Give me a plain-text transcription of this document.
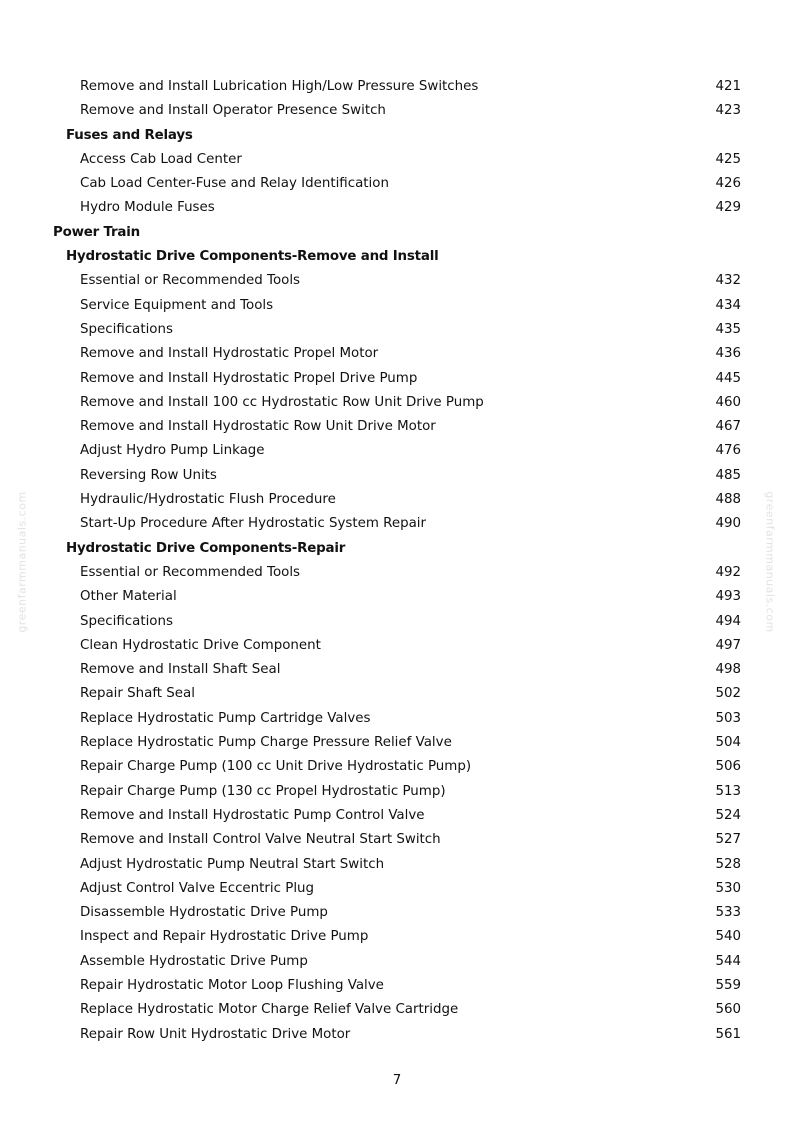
greenfarmmanuals.com	greenfarmmanuals.com
Remove and Install Lubrication High/Low Pressure Switches	421
Remove and Install Operator Presence Switch	423
Fuses and Relays
Access Cab Load Center	425
Cab Load Center-Fuse and Relay Identification	426
Hydro Module Fuses	429
Power Train
Hydrostatic Drive Components-Remove and Install
Essential or Recommended Tools	432
Service Equipment and Tools	434
Specifications	435
Remove and Install Hydrostatic Propel Motor	436
Remove and Install Hydrostatic Propel Drive Pump	445
Remove and Install 100 cc Hydrostatic Row Unit Drive Pump	460
Remove and Install Hydrostatic Row Unit Drive Motor	467
Adjust Hydro Pump Linkage	476
Reversing Row Units	485
Hydraulic/Hydrostatic Flush Procedure	488
Start-Up Procedure After Hydrostatic System Repair	490
Hydrostatic Drive Components-Repair
Essential or Recommended Tools	492
Other Material	493
Specifications	494
Clean Hydrostatic Drive Component	497
Remove and Install Shaft Seal	498
Repair Shaft Seal	502
Replace Hydrostatic Pump Cartridge Valves	503
Replace Hydrostatic Pump Charge Pressure Relief Valve	504
Repair Charge Pump (100 cc Unit Drive Hydrostatic Pump)	506
Repair Charge Pump (130 cc Propel Hydrostatic Pump)	513
Remove and Install Hydrostatic Pump Control Valve	524
Remove and Install Control Valve Neutral Start Switch	527
Adjust Hydrostatic Pump Neutral Start Switch	528
Adjust Control Valve Eccentric Plug	530
Disassemble Hydrostatic Drive Pump	533
Inspect and Repair Hydrostatic Drive Pump	540
Assemble Hydrostatic Drive Pump	544
Repair Hydrostatic Motor Loop Flushing Valve	559
Replace Hydrostatic Motor Charge Relief Valve Cartridge	560
Repair Row Unit Hydrostatic Drive Motor	561
7
